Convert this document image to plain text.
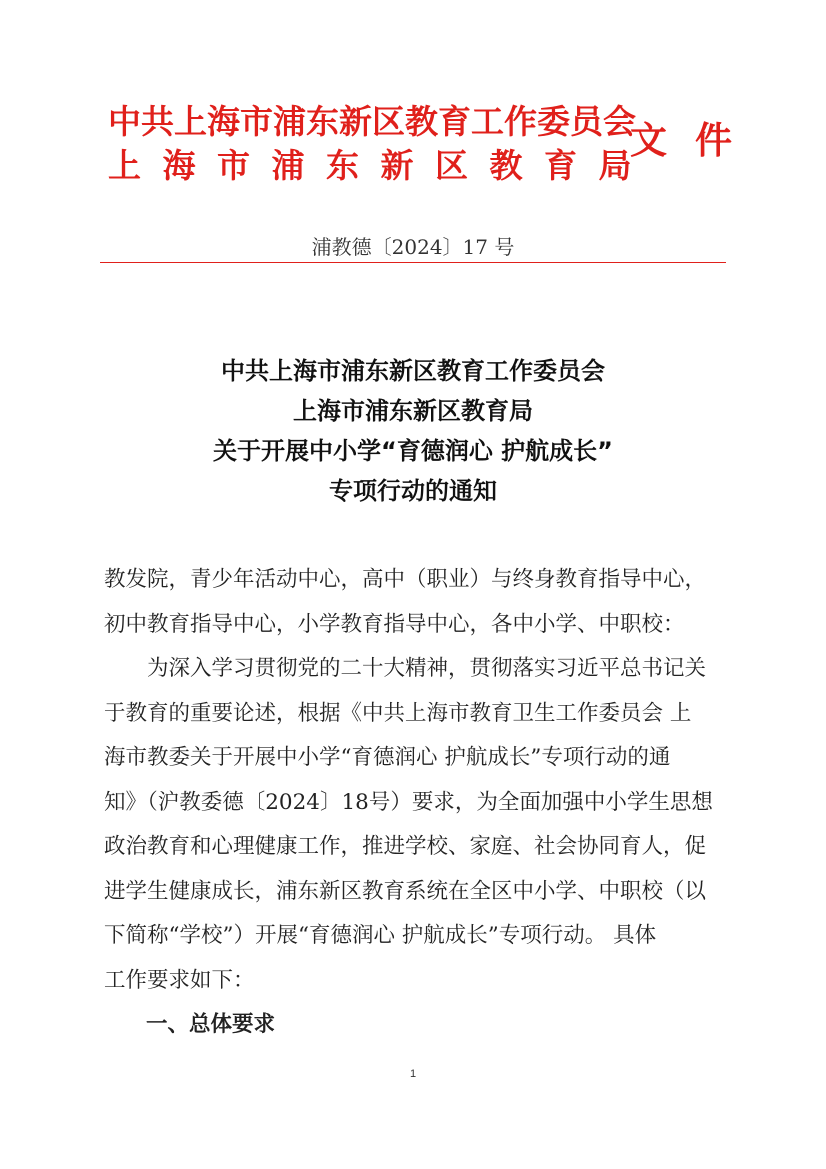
中共上海市浦东新区教育工作委员会
上海市浦东新区教育局
文件
浦教德〔2024〕17 号
中共上海市浦东新区教育工作委员会
上海市浦东新区教育局
关于开展中小学“育德润心 护航成长”
专项行动的通知
教发院，青少年活动中心，高中（职业）与终身教育指导中心，
初中教育指导中心，小学教育指导中心，各中小学、中职校：
为深入学习贯彻党的二十大精神，贯彻落实习近平总书记关
于教育的重要论述，根据《中共上海市教育卫生工作委员会 上
海市教委关于开展中小学“育德润心 护航成长”专项行动的通
知》（沪教委德〔2024〕18号）要求，为全面加强中小学生思想
政治教育和心理健康工作，推进学校、家庭、社会协同育人，促
进学生健康成长，浦东新区教育系统在全区中小学、中职校（以
下简称“学校”）开展“育德润心 护航成长”专项行动。 具体
工作要求如下：
一、总体要求
1
